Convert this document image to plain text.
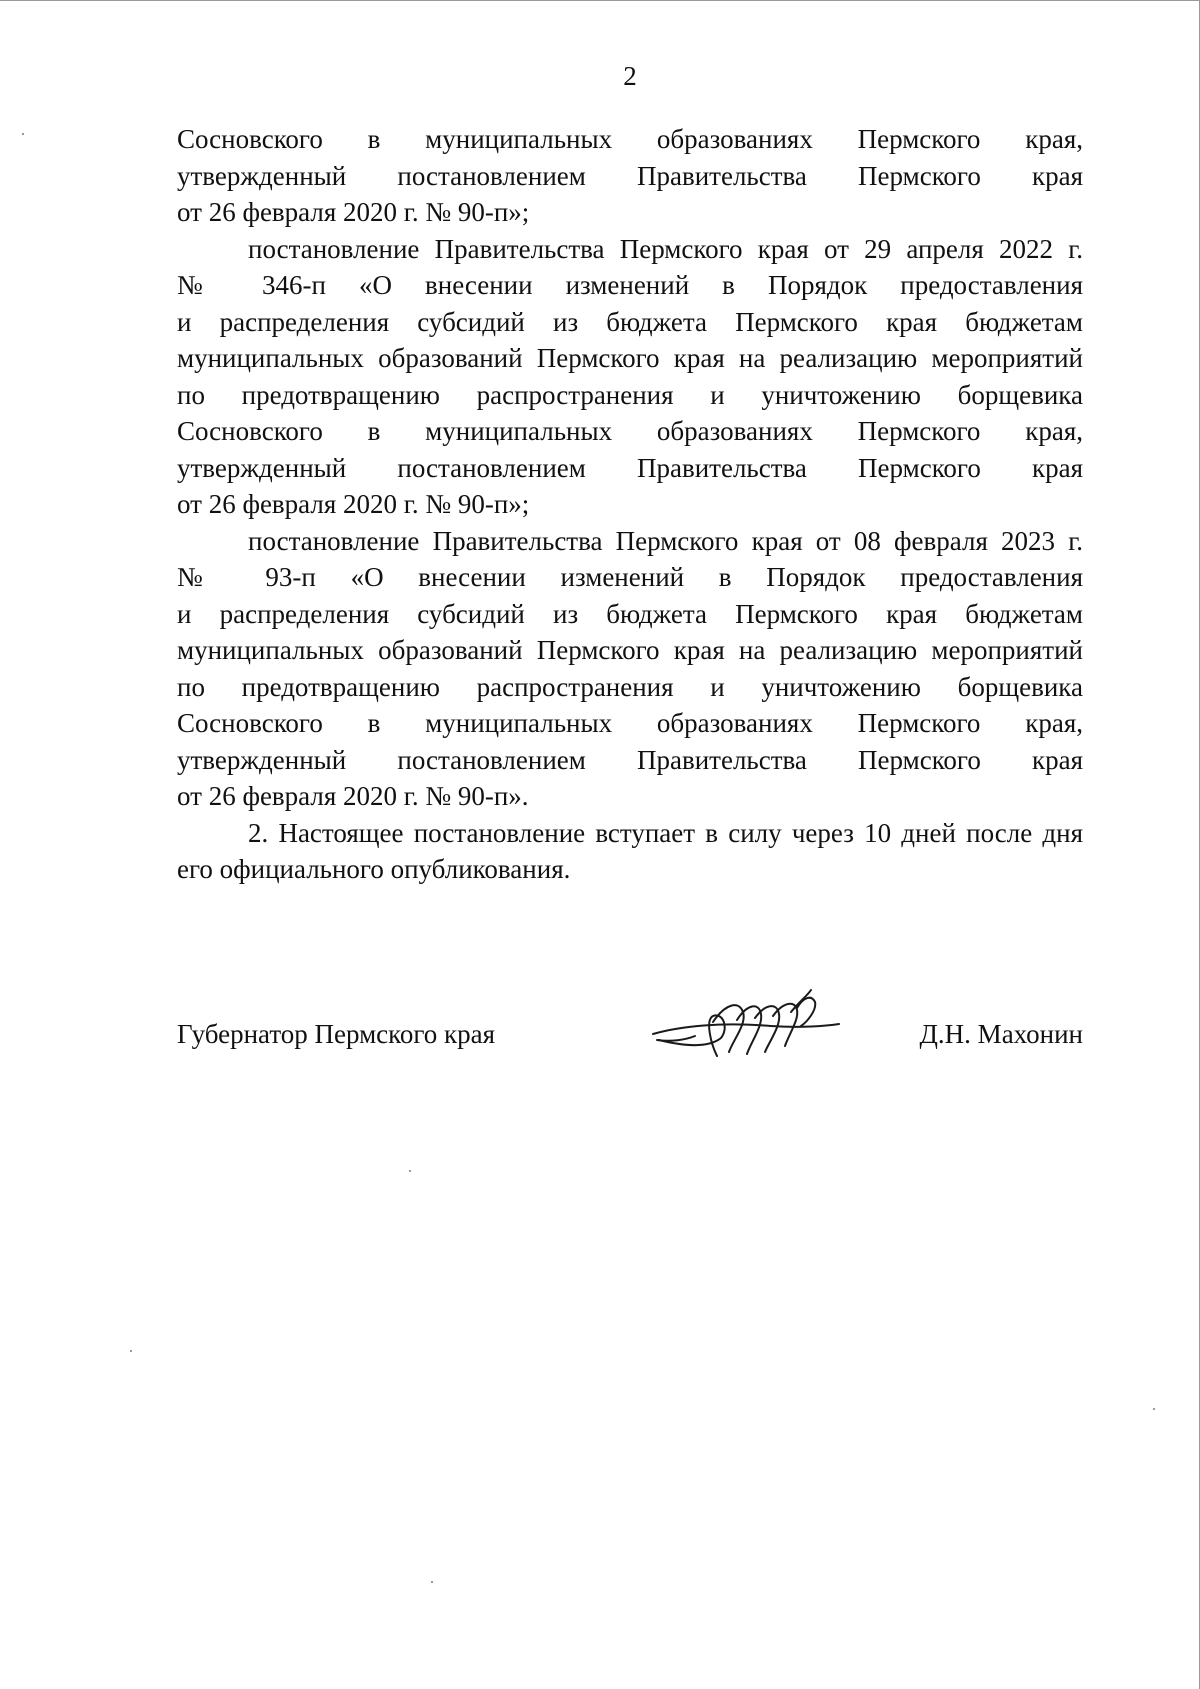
2

Сосновского в муниципальных образованиях Пермского края,

утвержденный постановлением Правительства Пермского края

от 26 февраля 2020 г. № 90-п»;

постановление Правительства Пермского края от 29 апреля 2022 г.

№ 346-п «О внесении изменений в Порядок предоставления

и распределения субсидий из бюджета Пермского края бюджетам

муниципальных образований Пермского края на реализацию мероприятий

по предотвращению распространения и уничтожению борщевика

Сосновского в муниципальных образованиях Пермского края,

утвержденный постановлением Правительства Пермского края

от 26 февраля 2020 г. № 90-п»;

постановление Правительства Пермского края от 08 февраля 2023 г.

№ 93-п «О внесении изменений в Порядок предоставления

и распределения субсидий из бюджета Пермского края бюджетам

муниципальных образований Пермского края на реализацию мероприятий

по предотвращению распространения и уничтожению борщевика

Сосновского в муниципальных образованиях Пермского края,

утвержденный постановлением Правительства Пермского края

от 26 февраля 2020 г. № 90-п».

2. Настоящее постановление вступает в силу через 10 дней после дня

его официального опубликования.

Губернатор Пермского края	Д.Н. Махонин
